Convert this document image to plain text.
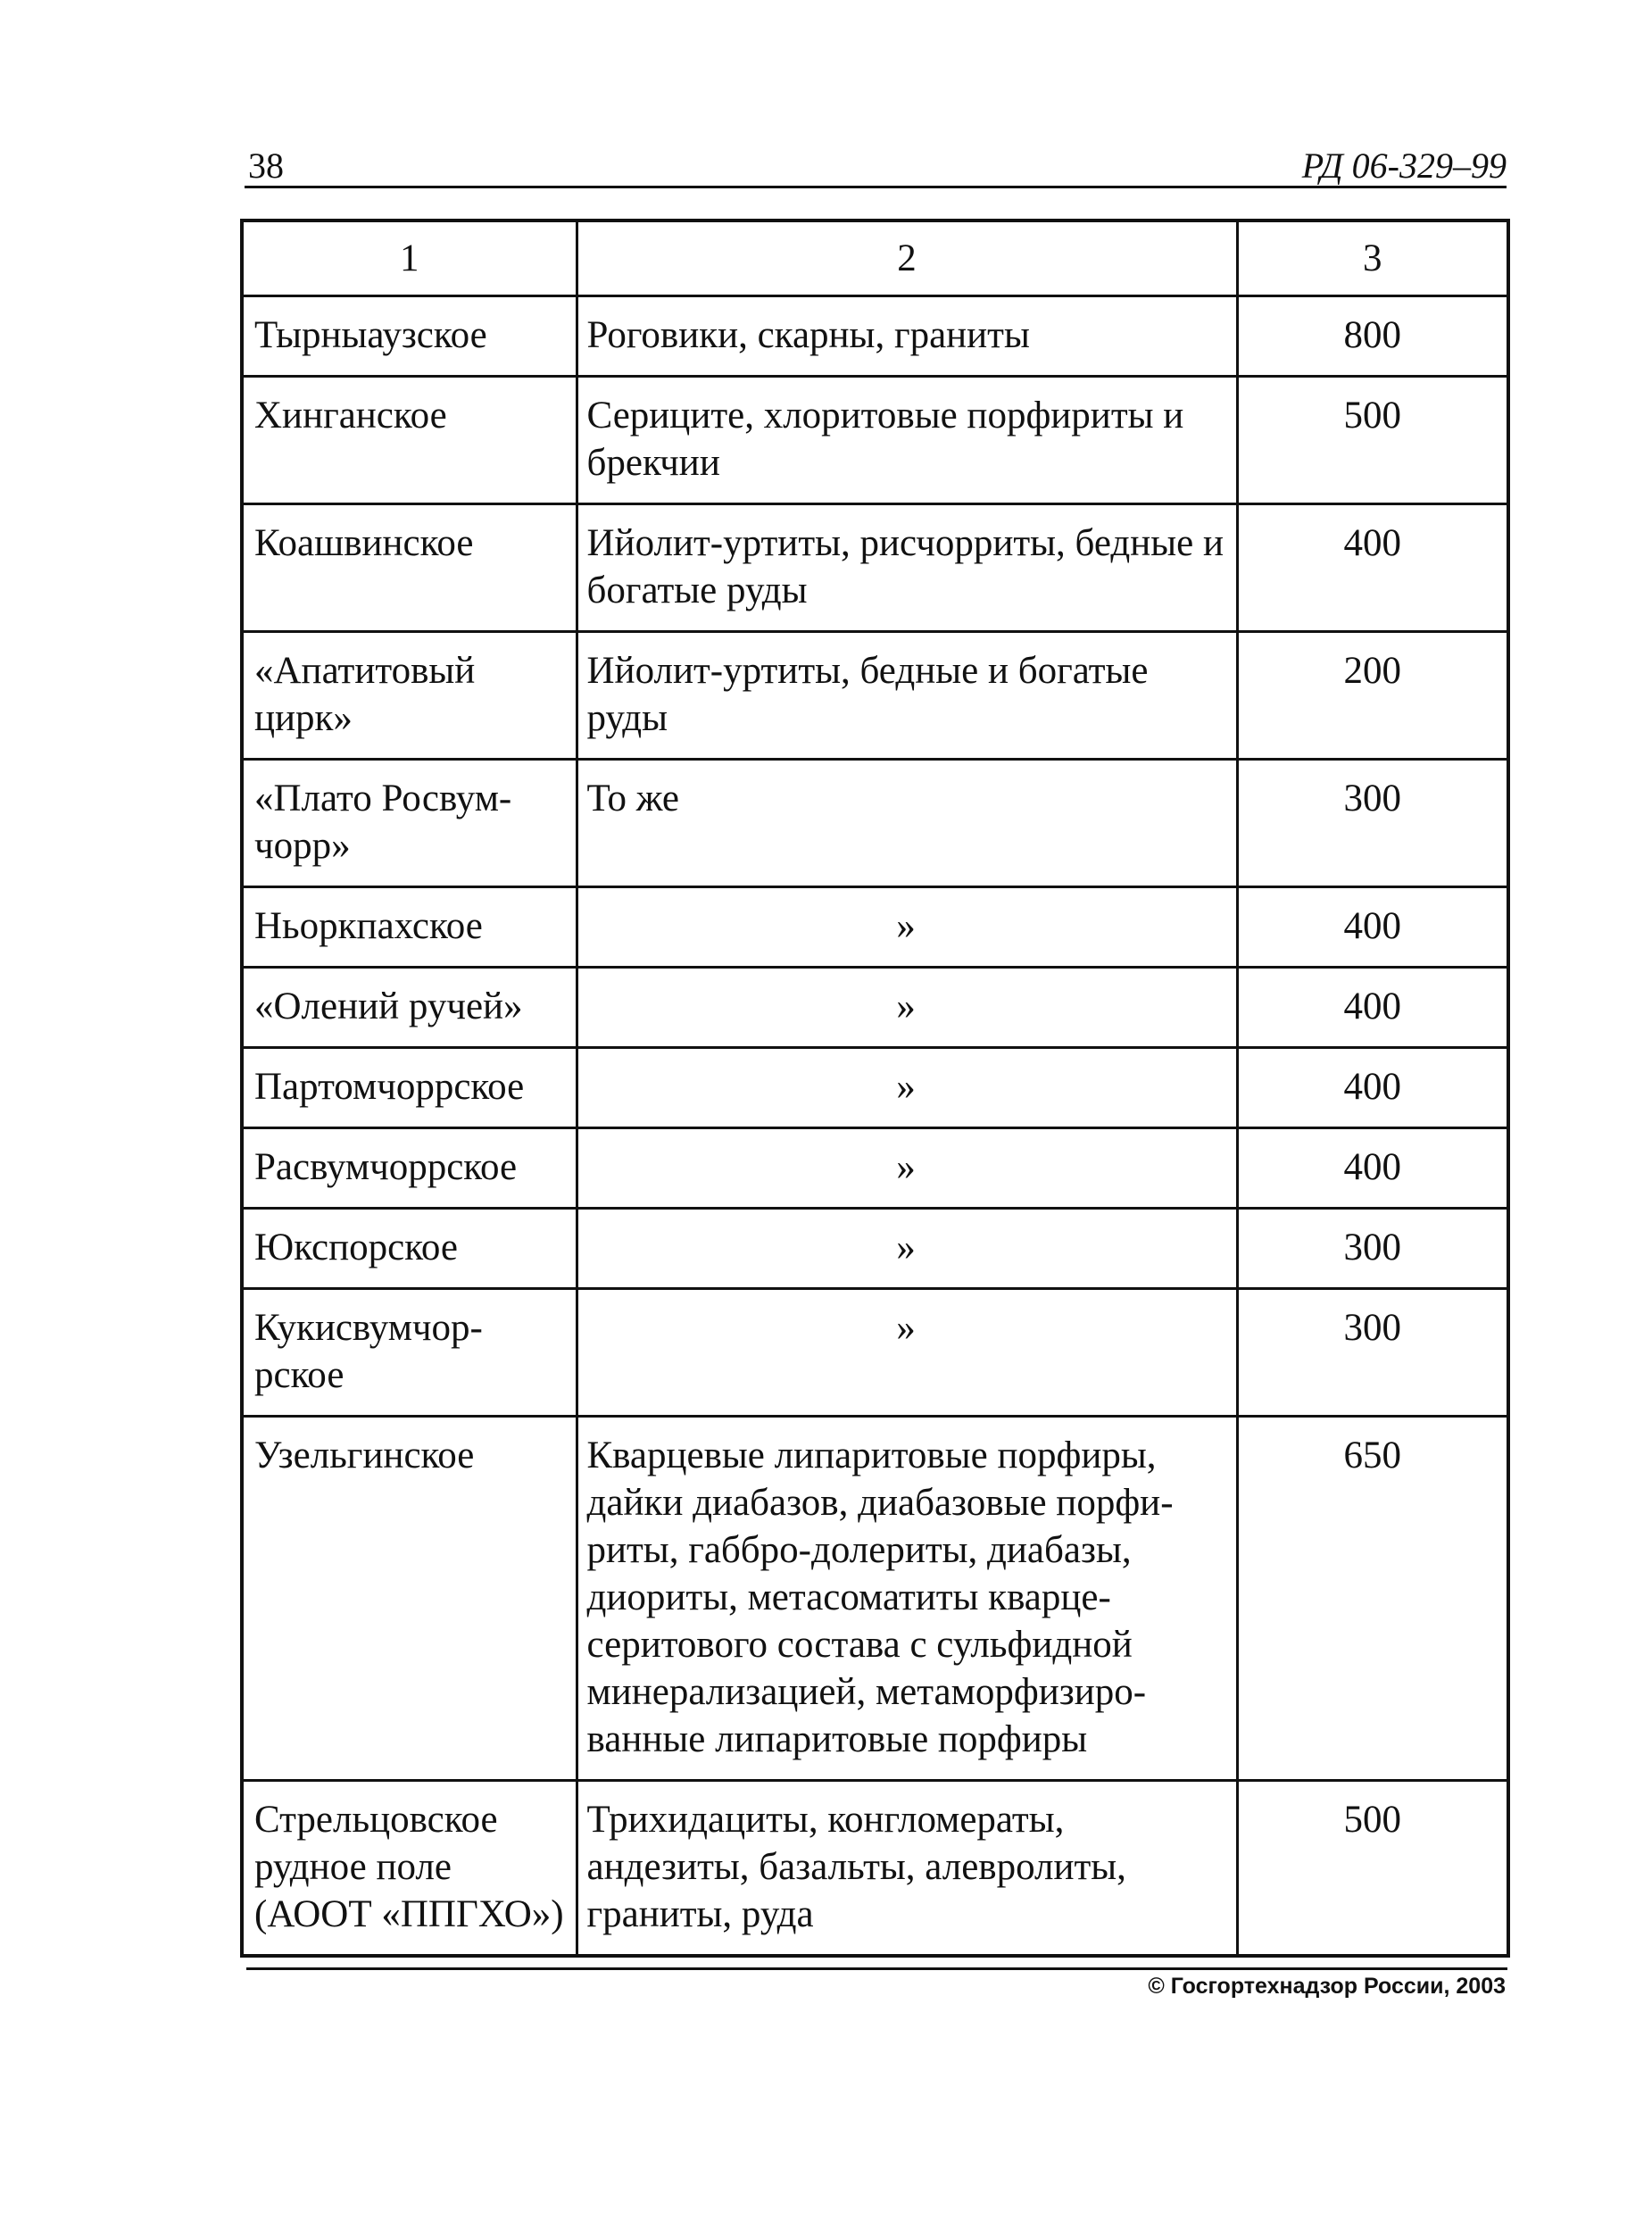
38	РД 06-329–99
1	2	3
Тырныаузское	Роговики, скарны, граниты	800
Хинганское	Сериците, хлоритовые порфириты и брекчии	500
Коашвинское	Ийолит-уртиты, рисчорриты, бедные и богатые руды	400
«Апатитовый цирк»	Ийолит-уртиты, бедные и богатые руды	200
«Плато Росвум-чорр»	То же	300
Ньоркпахское	»	400
«Олений ручей»	»	400
Партомчоррское	»	400
Расвумчоррское	»	400
Юкспорское	»	300
Кукисвумчор-рское	»	300
Узельгинское	Кварцевые липаритовые порфиры, дайки диабазов, диабазовые порфи-риты, габбро-долериты, диабазы, диориты, метасоматиты кварце-серитового состава с сульфидной минерализацией, метаморфизиро-ванные липаритовые порфиры	650
Стрельцовское рудное поле (АООТ «ППГХО»)	Трихидациты, конгломераты, андезиты, базальты, алевролиты, граниты, руда	500
© Госгортехнадзор России, 2003
